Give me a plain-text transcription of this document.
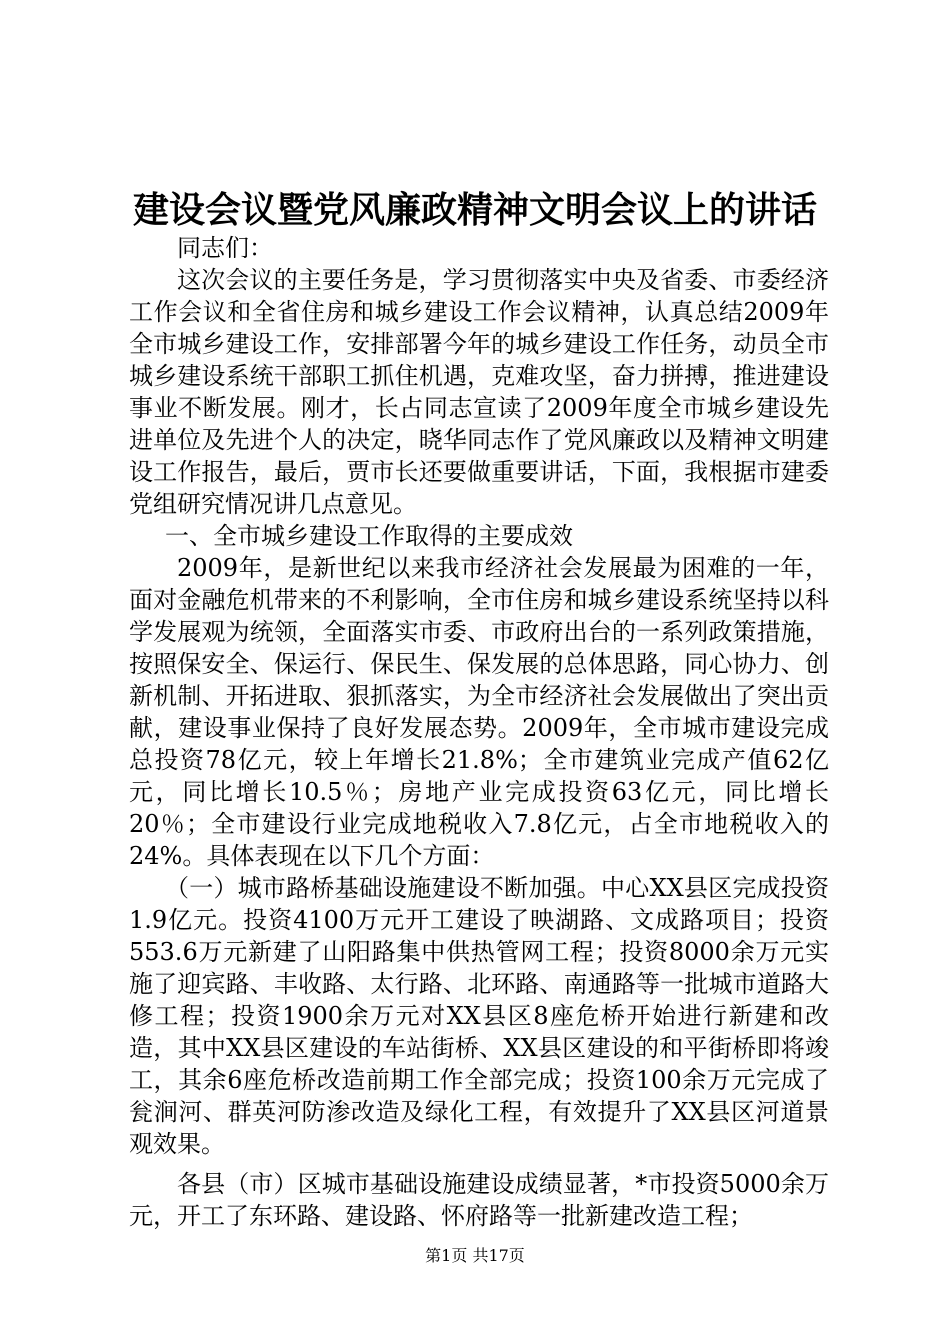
建设会议暨党风廉政精神文明会议上的讲话

同志们：

这次会议的主要任务是，学习贯彻落实中央及省委、市委经济工作会议和全省住房和城乡建设工作会议精神，认真总结2009年全市城乡建设工作，安排部署今年的城乡建设工作任务，动员全市城乡建设系统干部职工抓住机遇，克难攻坚，奋力拼搏，推进建设事业不断发展。刚才，长占同志宣读了2009年度全市城乡建设先进单位及先进个人的决定，晓华同志作了党风廉政以及精神文明建设工作报告，最后，贾市长还要做重要讲话，下面，我根据市建委党组研究情况讲几点意见。

一、全市城乡建设工作取得的主要成效

2009年，是新世纪以来我市经济社会发展最为困难的一年，面对金融危机带来的不利影响，全市住房和城乡建设系统坚持以科学发展观为统领，全面落实市委、市政府出台的一系列政策措施，按照保安全、保运行、保民生、保发展的总体思路，同心协力、创新机制、开拓进取、狠抓落实，为全市经济社会发展做出了突出贡献，建设事业保持了良好发展态势。2009年，全市城市建设完成总投资78亿元，较上年增长21.8%；全市建筑业完成产值62亿元，同比增长10.5％；房地产业完成投资63亿元，同比增长20％；全市建设行业完成地税收入7.8亿元，占全市地税收入的24%。具体表现在以下几个方面：

（一）城市路桥基础设施建设不断加强。中心XX县区完成投资1.9亿元。投资4100万元开工建设了映湖路、文成路项目；投资553.6万元新建了山阳路集中供热管网工程；投资8000余万元实施了迎宾路、丰收路、太行路、北环路、南通路等一批城市道路大修工程；投资1900余万元对XX县区8座危桥开始进行新建和改造，其中XX县区建设的车站街桥、XX县区建设的和平街桥即将竣工，其余6座危桥改造前期工作全部完成；投资100余万元完成了瓮涧河、群英河防渗改造及绿化工程，有效提升了XX县区河道景观效果。

各县（市）区城市基础设施建设成绩显著，*市投资5000余万元，开工了东环路、建设路、怀府路等一批新建改造工程；

第1页 共17页
